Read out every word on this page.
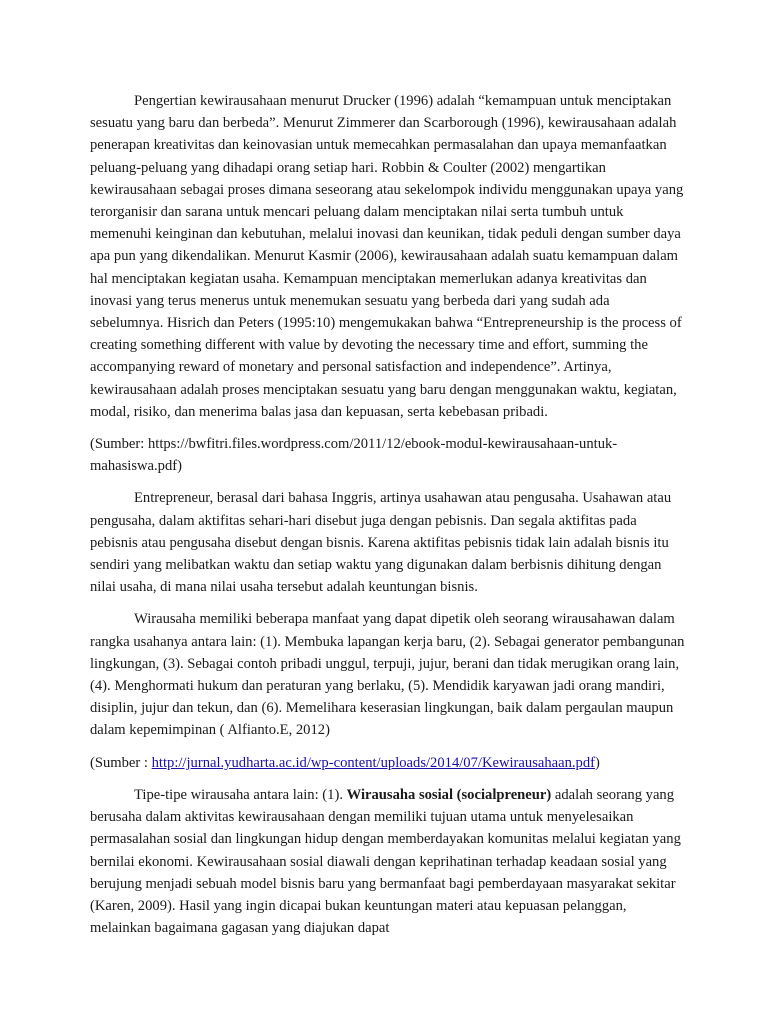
Pengertian kewirausahaan menurut Drucker (1996) adalah “kemampuan untuk menciptakan sesuatu yang baru dan berbeda”. Menurut Zimmerer dan Scarborough (1996), kewirausahaan adalah penerapan kreativitas dan keinovasian untuk memecahkan permasalahan dan upaya memanfaatkan peluang-peluang yang dihadapi orang setiap hari. Robbin & Coulter (2002) mengartikan kewirausahaan sebagai proses dimana seseorang atau sekelompok individu menggunakan upaya yang terorganisir dan sarana untuk mencari peluang dalam menciptakan nilai serta tumbuh untuk memenuhi keinginan dan kebutuhan, melalui inovasi dan keunikan, tidak peduli dengan sumber daya apa pun yang dikendalikan. Menurut Kasmir (2006), kewirausahaan adalah suatu kemampuan dalam hal menciptakan kegiatan usaha. Kemampuan menciptakan memerlukan adanya kreativitas dan inovasi yang terus menerus untuk menemukan sesuatu yang berbeda dari yang sudah ada sebelumnya. Hisrich dan Peters (1995:10) mengemukakan bahwa “Entrepreneurship is the process of creating something different with value by devoting the necessary time and effort, summing the accompanying reward of monetary and personal satisfaction and independence”. Artinya, kewirausahaan adalah proses menciptakan sesuatu yang baru dengan menggunakan waktu, kegiatan, modal, risiko, dan menerima balas jasa dan kepuasan, serta kebebasan pribadi.

(Sumber: https://bwfitri.files.wordpress.com/2011/12/ebook-modul-kewirausahaan-untuk-mahasiswa.pdf)

Entrepreneur, berasal dari bahasa Inggris, artinya usahawan atau pengusaha. Usahawan atau pengusaha, dalam aktifitas sehari-hari disebut juga dengan pebisnis. Dan segala aktifitas pada pebisnis atau pengusaha disebut dengan bisnis. Karena aktifitas pebisnis tidak lain adalah bisnis itu sendiri yang melibatkan waktu dan setiap waktu yang digunakan dalam berbisnis dihitung dengan nilai usaha, di mana nilai usaha tersebut adalah keuntungan bisnis.

Wirausaha memiliki beberapa manfaat yang dapat dipetik oleh seorang wirausahawan dalam rangka usahanya antara lain: (1). Membuka lapangan kerja baru, (2). Sebagai generator pembangunan lingkungan, (3). Sebagai contoh pribadi unggul, terpuji, jujur, berani dan tidak merugikan orang lain, (4). Menghormati hukum dan peraturan yang berlaku, (5). Mendidik karyawan jadi orang mandiri, disiplin, jujur dan tekun, dan (6). Memelihara keserasian lingkungan, baik dalam pergaulan maupun dalam kepemimpinan ( Alfianto.E, 2012)

(Sumber : http://jurnal.yudharta.ac.id/wp-content/uploads/2014/07/Kewirausahaan.pdf)

Tipe-tipe wirausaha antara lain: (1). Wirausaha sosial (socialpreneur) adalah seorang yang berusaha dalam aktivitas kewirausahaan dengan memiliki tujuan utama untuk menyelesaikan permasalahan sosial dan lingkungan hidup dengan memberdayakan komunitas melalui kegiatan yang bernilai ekonomi. Kewirausahaan sosial diawali dengan keprihatinan terhadap keadaan sosial yang berujung menjadi sebuah model bisnis baru yang bermanfaat bagi pemberdayaan masyarakat sekitar (Karen, 2009). Hasil yang ingin dicapai bukan keuntungan materi atau kepuasan pelanggan, melainkan bagaimana gagasan yang diajukan dapat
